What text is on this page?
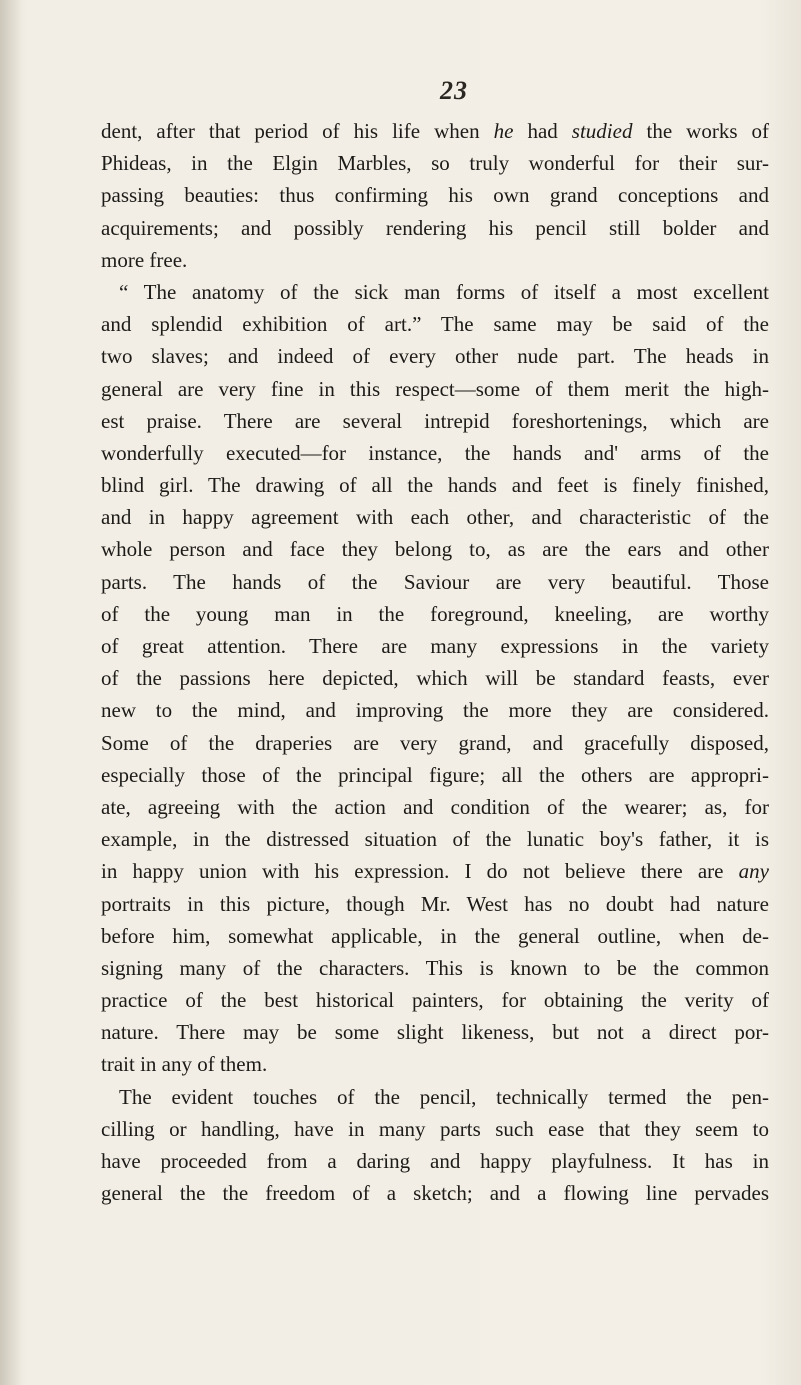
23
dent, after that period of his life when he had studied the works of
Phideas, in the Elgin Marbles, so truly wonderful for their sur-
passing beauties: thus confirming his own grand conceptions and
acquirements; and possibly rendering his pencil still bolder and
more free.
“ The anatomy of the sick man forms of itself a most excellent
and splendid exhibition of art.” The same may be said of the
two slaves; and indeed of every other nude part. The heads in
general are very fine in this respect—some of them merit the high-
est praise. There are several intrepid foreshortenings, which are
wonderfully executed—for instance, the hands and' arms of the
blind girl. The drawing of all the hands and feet is finely finished,
and in happy agreement with each other, and characteristic of the
whole person and face they belong to, as are the ears and other
parts. The hands of the Saviour are very beautiful. Those
of the young man in the foreground, kneeling, are worthy
of great attention. There are many expressions in the variety
of the passions here depicted, which will be standard feasts, ever
new to the mind, and improving the more they are considered.
Some of the draperies are very grand, and gracefully disposed,
especially those of the principal figure; all the others are appropri-
ate, agreeing with the action and condition of the wearer; as, for
example, in the distressed situation of the lunatic boy's father, it is
in happy union with his expression. I do not believe there are any
portraits in this picture, though Mr. West has no doubt had nature
before him, somewhat applicable, in the general outline, when de-
signing many of the characters. This is known to be the common
practice of the best historical painters, for obtaining the verity of
nature. There may be some slight likeness, but not a direct por-
trait in any of them.
The evident touches of the pencil, technically termed the pen-
cilling or handling, have in many parts such ease that they seem to
have proceeded from a daring and happy playfulness. It has in
general the the freedom of a sketch; and a flowing line pervades
